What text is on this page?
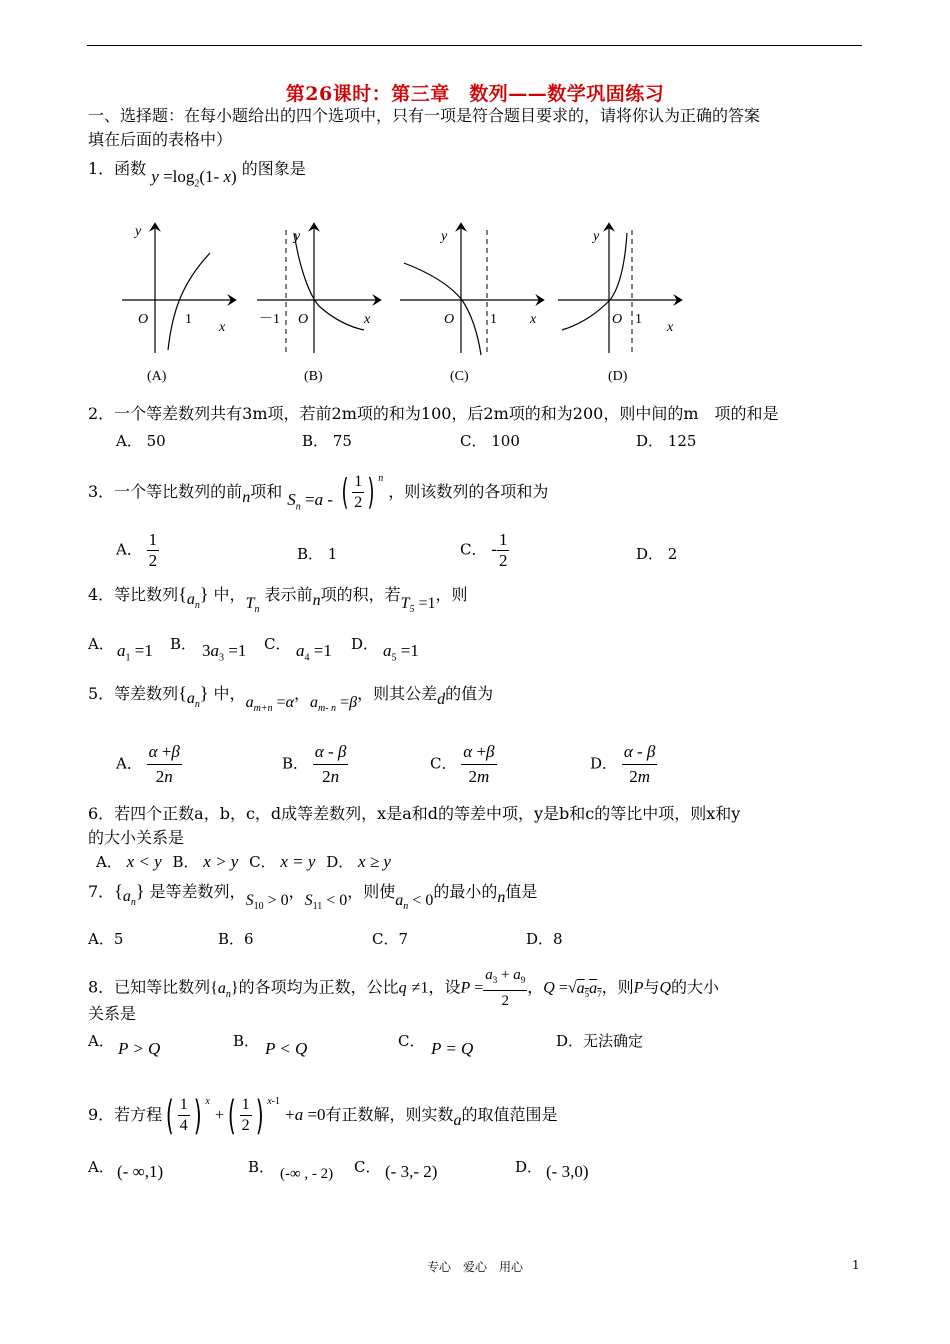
第26课时：第三章　数列——数学巩固练习
一、选择题：在每小题给出的四个选项中，只有一项是符合题目要求的，请将你认为正确的答案
填在后面的表格中）
1．函数 $y =\log_2(1-$ x) 的图象是
y
O	1
x
y
－1 O	x
y
O	1 x
y
O 1
x
(A)	(B)	(C)	(D)
2．一个等差数列共有3m项，若前2m项的和为100，后2m项的和为200，则中间的m　项的和是
A． 50	B． 75	C． 100	D． 125
3．一个等比数列的前n项和 $S_n =a$ - ( $\frac{1}{2}$ ) $^n$ ，则该数列的各项和为
A． $\frac{1}{2}$	B． 1	C． - $\frac{1}{2}$	D． 2
4．等比数列$\{a_n\}$ 中，$T_n$ 表示前n项的积，若$T_5 =1$，则
A． $a_1 =1$ B． $3a_3 =1$ C． $a_4 =1$ D． $a_5 =1$
5．等差数列$\{a_n\}$ 中，$a_{m+n} =\alpha$，$a_{m- n} =\beta$，则其公差d的值为
A． $\frac{\alpha +\beta}{2n}$	B． $\frac{\alpha - \beta}{2n}$	C． $\frac{\alpha +\beta}{2m}$	D． $\frac{\alpha - \beta}{2m}$
6．若四个正数a，b，c，d成等差数列，x是a和d的等差中项，y是b和c的等比中项，则x和y
的大小关系是
A． x < y B． x > y C． x = y D． x ≥ y
7．$\{a_n\}$ 是等差数列，$S_{10} > 0$，$S_{11} < 0$，则使$a_n < 0$的最小的n值是
A．5	B．6	C．7	D．8
8．已知等比数列$\{a_n\}$的各项均为正数，公比q ≠1，设$P = \frac{a_3 + a_9}{2}$ ，$Q =√a_5a_7$，则P与Q的大小
关系是
A． P > Q	B． P < Q	C． P = Q	D．无法确定
9．若方程( $\frac{1}{4}$ ) $^x$ +( $\frac{1}{2}$ ) $^{x-1}$ +a =0有正数解，则实数a的取值范围是
A． (- ∞,1)	B． (-∞ , - 2) C． (- 3,- 2)	D． (- 3,0)
专心　爱心　用心	1
